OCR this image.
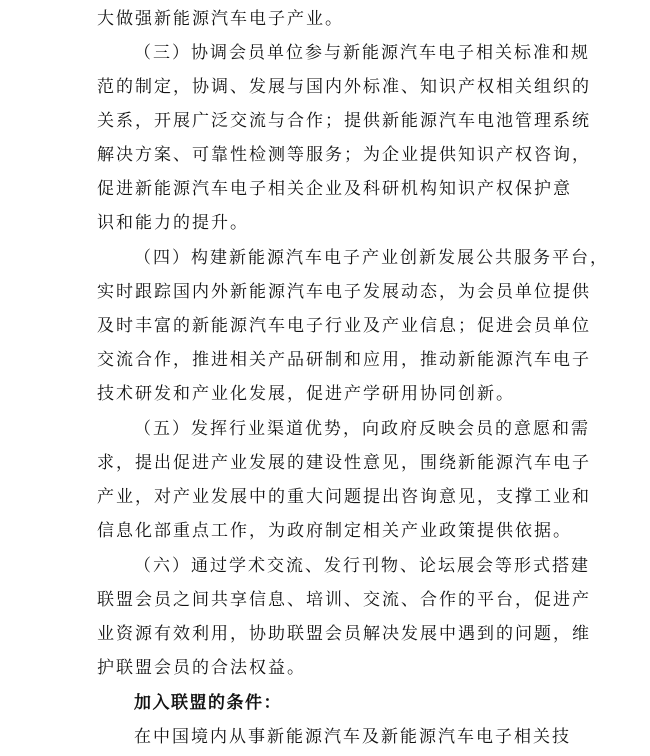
大做强新能源汽车电子产业。
（三）协调会员单位参与新能源汽车电子相关标准和规
范的制定，协调、发展与国内外标准、知识产权相关组织的
关系，开展广泛交流与合作；提供新能源汽车电池管理系统
解决方案、可靠性检测等服务；为企业提供知识产权咨询，
促进新能源汽车电子相关企业及科研机构知识产权保护意
识和能力的提升。
（四）构建新能源汽车电子产业创新发展公共服务平台，
实时跟踪国内外新能源汽车电子发展动态，为会员单位提供
及时丰富的新能源汽车电子行业及产业信息；促进会员单位
交流合作，推进相关产品研制和应用，推动新能源汽车电子
技术研发和产业化发展，促进产学研用协同创新。
（五）发挥行业渠道优势，向政府反映会员的意愿和需
求，提出促进产业发展的建设性意见，围绕新能源汽车电子
产业，对产业发展中的重大问题提出咨询意见，支撑工业和
信息化部重点工作，为政府制定相关产业政策提供依据。
（六）通过学术交流、发行刊物、论坛展会等形式搭建
联盟会员之间共享信息、培训、交流、合作的平台，促进产
业资源有效利用，协助联盟会员解决发展中遇到的问题，维
护联盟会员的合法权益。
加入联盟的条件：
在中国境内从事新能源汽车及新能源汽车电子相关技
